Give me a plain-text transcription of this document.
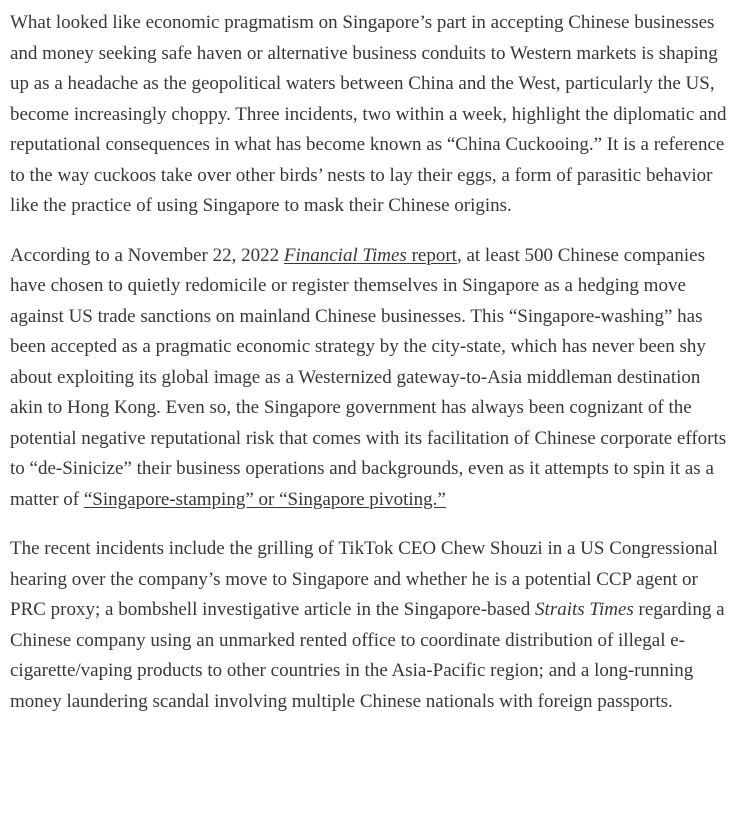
What looked like economic pragmatism on Singapore’s part in accepting Chinese businesses and money seeking safe haven or alternative business conduits to Western markets is shaping up as a headache as the geopolitical waters between China and the West, particularly the US, become increasingly choppy. Three incidents, two within a week, highlight the diplomatic and reputational consequences in what has become known as “China Cuckooing.” It is a reference to the way cuckoos take over other birds’ nests to lay their eggs, a form of parasitic behavior like the practice of using Singapore to mask their Chinese origins.

According to a November 22, 2022 Financial Times report, at least 500 Chinese companies have chosen to quietly redomicile or register themselves in Singapore as a hedging move against US trade sanctions on mainland Chinese businesses. This “Singapore-washing” has been accepted as a pragmatic economic strategy by the city-state, which has never been shy about exploiting its global image as a Westernized gateway-to-Asia middleman destination akin to Hong Kong. Even so, the Singapore government has always been cognizant of the potential negative reputational risk that comes with its facilitation of Chinese corporate efforts to “de-Sinicize” their business operations and backgrounds, even as it attempts to spin it as a matter of “Singapore-stamping” or “Singapore pivoting.”

The recent incidents include the grilling of TikTok CEO Chew Shouzi in a US Congressional hearing over the company’s move to Singapore and whether he is a potential CCP agent or PRC proxy; a bombshell investigative article in the Singapore-based Straits Times regarding a Chinese company using an unmarked rented office to coordinate distribution of illegal e-cigarette/vaping products to other countries in the Asia-Pacific region; and a long-running money laundering scandal involving multiple Chinese nationals with foreign passports.
